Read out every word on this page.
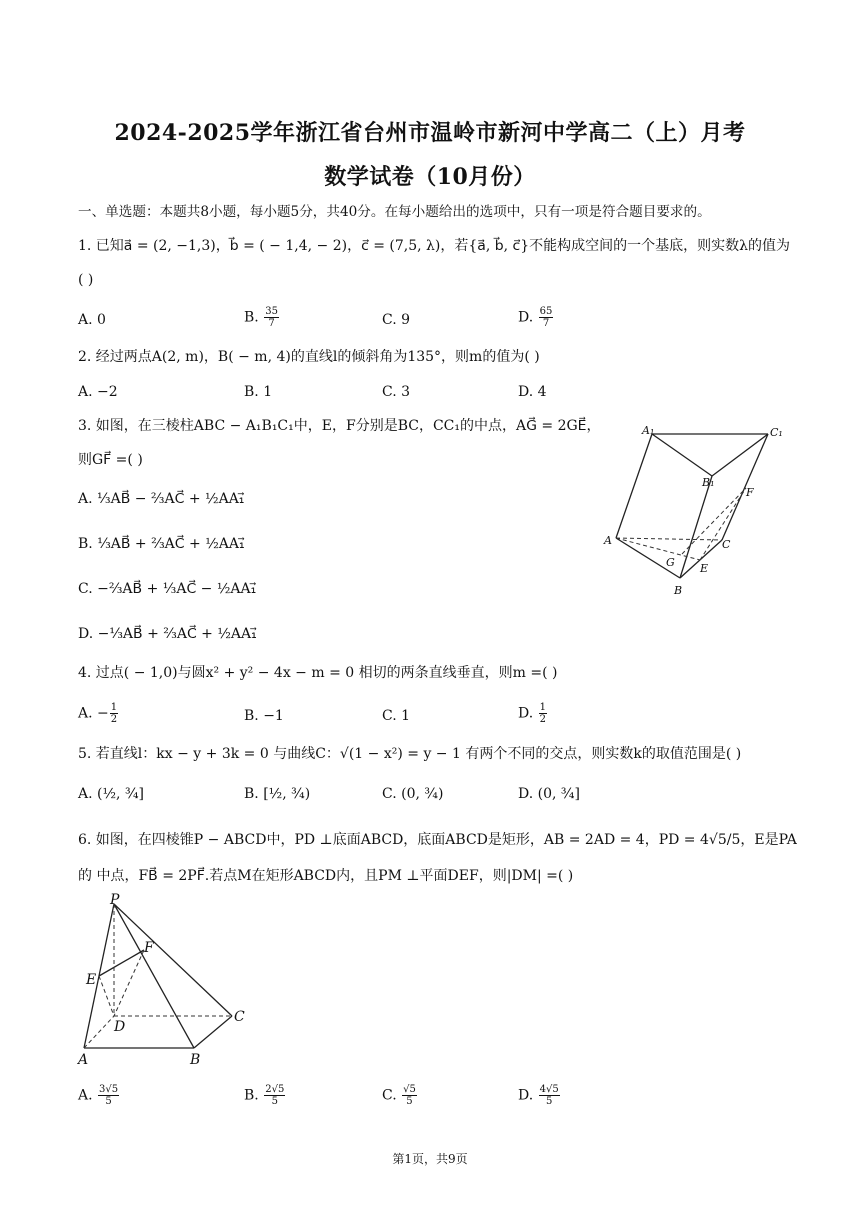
2024-2025学年浙江省台州市温岭市新河中学高二（上）月考
数学试卷（10月份）
一、单选题：本题共8小题，每小题5分，共40分。在每小题给出的选项中，只有一项是符合题目要求的。
1. 已知a⃗ = (2, −1,3)，b⃗ = ( − 1,4, − 2)，c⃗ = (7,5, λ)，若{a⃗, b⃗, c⃗}不能构成空间的一个基底，则实数λ的值为
( )
A. 0	B. $\frac{35}{7}$	C. 9	D. $\frac{65}{7}$
2. 经过两点A(2, m)，B( − m, 4)的直线l的倾斜角为135°，则m的值为( )
A. −2	B. 1	C. 3	D. 4
3. 如图，在三棱柱ABC − A₁B₁C₁中，E，F分别是BC，CC₁的中点，AG⃗ = 2GE⃗，
则GF⃗ =( )
A. ⅓AB⃗ − ⅔AC⃗ + ½AA₁⃗
B. ⅓AB⃗ + ⅔AC⃗ + ½AA₁⃗
C. −⅔AB⃗ + ⅓AC⃗ − ½AA₁⃗
D. −⅓AB⃗ + ⅔AC⃗ + ½AA₁⃗
A₁	C₁
B₁
F
A	C
G E
B
4. 过点( − 1,0)与圆x² + y² − 4x − m = 0 相切的两条直线垂直，则m =( )
A. − $\frac{1}{2}$	B. −1	C. 1	D. $\frac{1}{2}$
5. 若直线l：kx − y + 3k = 0 与曲线C：√(1 − x²) = y − 1 有两个不同的交点，则实数k的取值范围是( )
A. (½, ¾]	B. [½, ¾)	C. (0, ¾)	D. (0, ¾]
6. 如图，在四棱锥P − ABCD中，PD ⊥底面ABCD，底面ABCD是矩形，AB = 2AD = 4，PD = 4√5/5，E是PA
的 中点，FB⃗ = 2PF⃗.若点M在矩形ABCD内，且PM ⊥平面DEF，则|DM| =( )
P
F
E
D
C
A	B
A. $\frac{3√5}{5}$	B. $\frac{2√5}{5}$	C. $\frac{√5}{5}$	D. $\frac{4√5}{5}$
第1页，共9页
